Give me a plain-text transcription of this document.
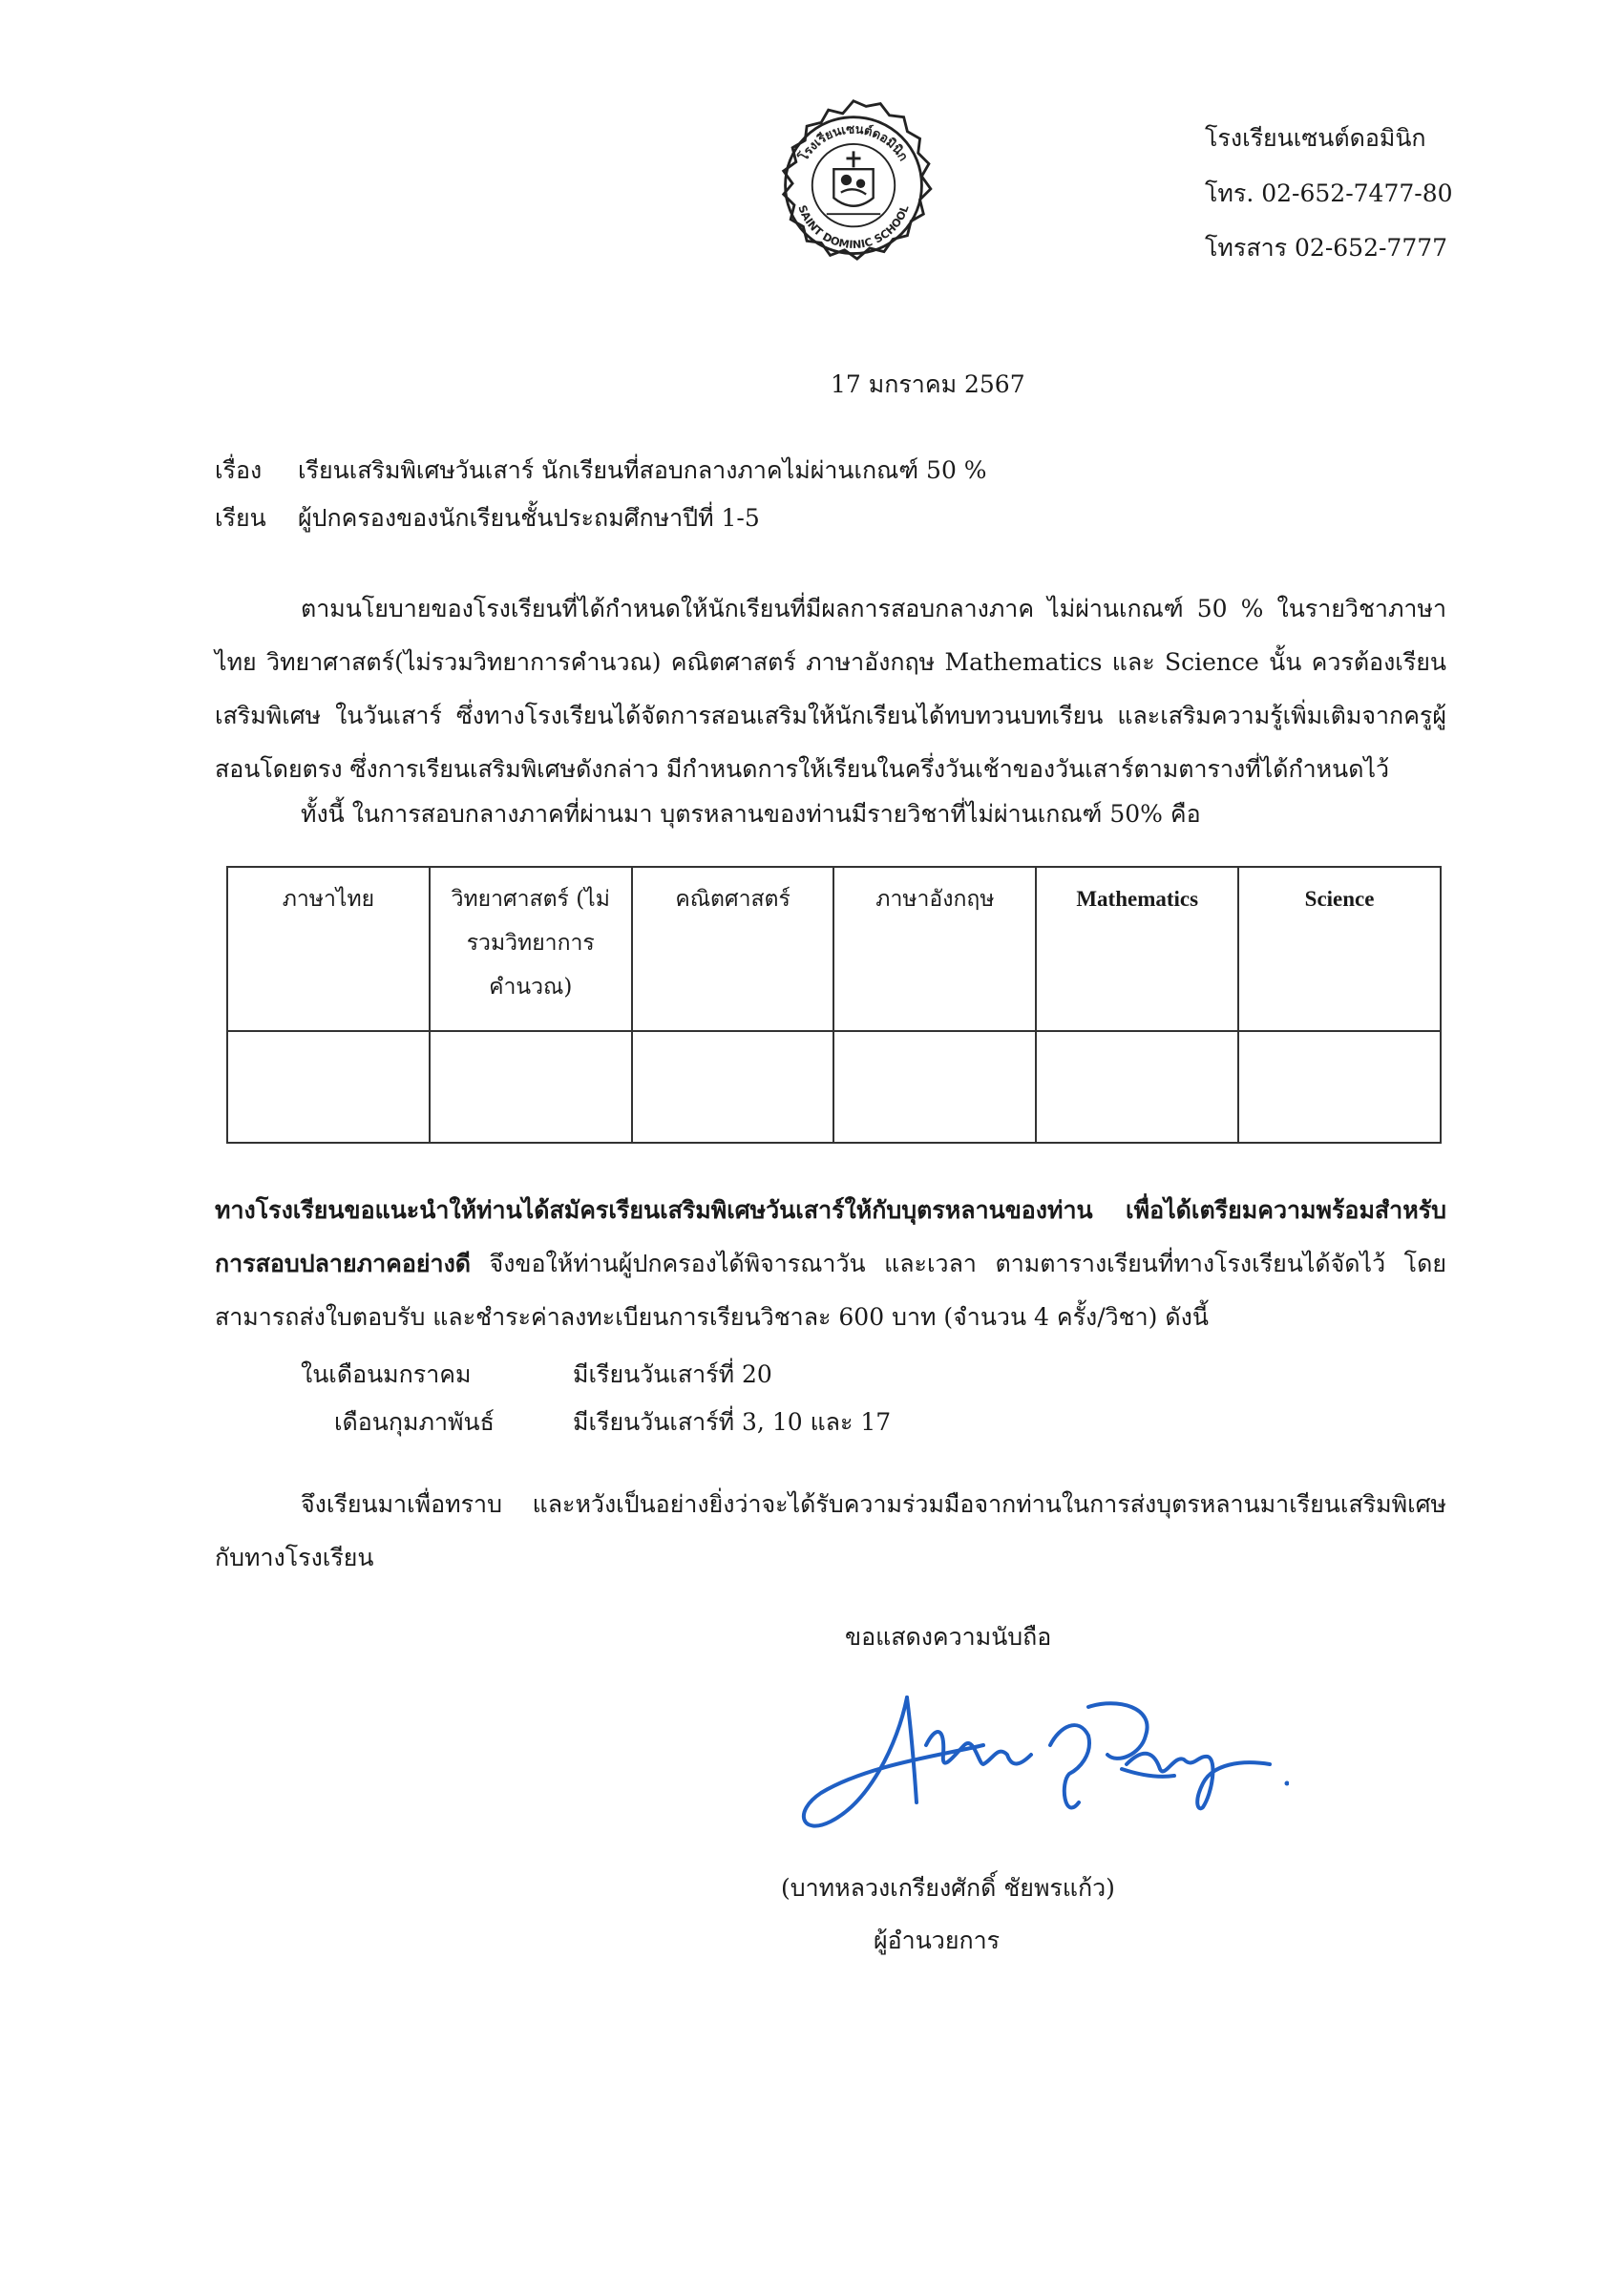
โรงเรียนเซนต์ดอมินิก
SAINT DOMINIC SCHOOL
โรงเรียนเซนต์ดอมินิก
โทร. 02-652-7477-80
โทรสาร 02-652-7777
17 มกราคม 2567
เรื่อง เรียนเสริมพิเศษวันเสาร์ นักเรียนที่สอบกลางภาคไม่ผ่านเกณฑ์ 50 %
เรียน ผู้ปกครองของนักเรียนชั้นประถมศึกษาปีที่ 1-5
ตามนโยบายของโรงเรียนที่ได้กำหนดให้นักเรียนที่มีผลการสอบกลางภาค ไม่ผ่านเกณฑ์ 50 % ในรายวิชาภาษาไทย วิทยาศาสตร์(ไม่รวมวิทยาการคำนวณ) คณิตศาสตร์ ภาษาอังกฤษ Mathematics และ Science นั้น ควรต้องเรียนเสริมพิเศษ ในวันเสาร์ ซึ่งทางโรงเรียนได้จัดการสอนเสริมให้นักเรียนได้ทบทวนบทเรียน และเสริมความรู้เพิ่มเติมจากครูผู้สอนโดยตรง ซึ่งการเรียนเสริมพิเศษดังกล่าว มีกำหนดการให้เรียนในครึ่งวันเช้าของวันเสาร์ตามตารางที่ได้กำหนดไว้
ทั้งนี้ ในการสอบกลางภาคที่ผ่านมา บุตรหลานของท่านมีรายวิชาที่ไม่ผ่านเกณฑ์ 50% คือ
ภาษาไทย	วิทยาศาสตร์ (ไม่รวมวิทยาการ คำนวณ)	คณิตศาสตร์	ภาษาอังกฤษ	Mathematics	Science

ทางโรงเรียนขอแนะนำให้ท่านได้สมัครเรียนเสริมพิเศษวันเสาร์ให้กับบุตรหลานของท่าน เพื่อได้เตรียมความพร้อมสำหรับ การสอบปลายภาคอย่างดี จึงขอให้ท่านผู้ปกครองได้พิจารณาวัน และเวลา ตามตารางเรียนที่ทางโรงเรียนได้จัดไว้ โดยสามารถส่งใบตอบรับ และชำระค่าลงทะเบียนการเรียนวิชาละ 600 บาท (จำนวน 4 ครั้ง/วิชา) ดังนี้
ในเดือนมกราคม	มีเรียนวันเสาร์ที่ 20
เดือนกุมภาพันธ์	มีเรียนวันเสาร์ที่ 3, 10 และ 17
จึงเรียนมาเพื่อทราบ และหวังเป็นอย่างยิ่งว่าจะได้รับความร่วมมือจากท่านในการส่งบุตรหลานมาเรียนเสริมพิเศษ กับทางโรงเรียน
ขอแสดงความนับถือ
(บาทหลวงเกรียงศักดิ์ ชัยพรแก้ว)
ผู้อำนวยการ
